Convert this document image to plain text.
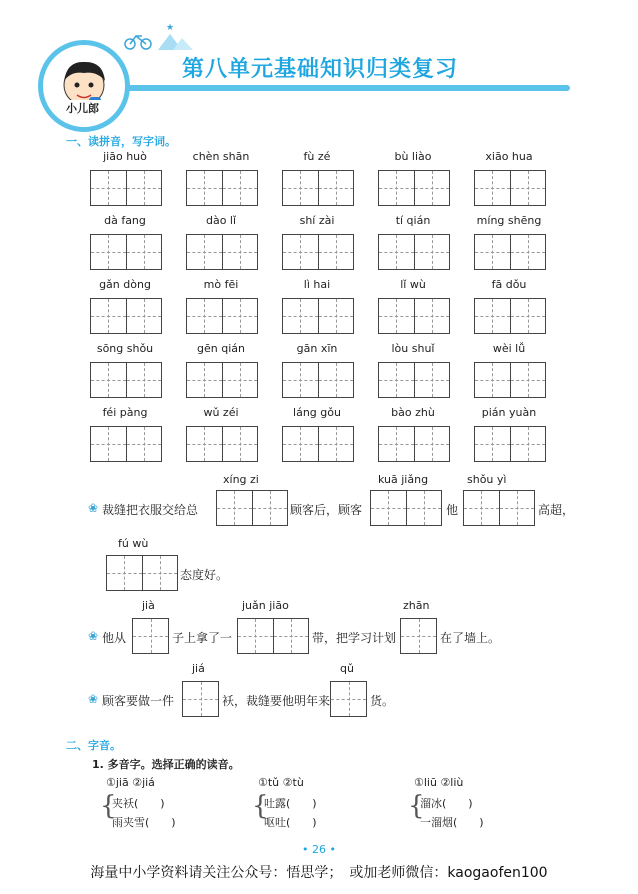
★
小儿郎
第八单元基础知识归类复习
一、读拼音，写字词。
jiāo huò	chèn shān	fù zé	bù liào	xiāo hua
dà fang	dào lǐ	shí zài	tí qián	míng shēng
gǎn dòng	mò fēi	lì hai	lǐ wù	fā dǒu
sōng shǒu	gēn qián	gān xīn	lòu shuǐ	wèi lǚ
féi pàng	wǔ zéi	láng gǒu	bào zhù	pián yuàn
xíng zi	kuā jiǎng	shǒu yì
❀ 裁缝把衣服交给总	顾客后，顾客	他	高超，
fú wù
态度好。
jià	juǎn jiāo	zhān
❀ 他从	子上拿了一	带，把学习计划	在了墙上。
jiá	qǔ
❀ 顾客要做一件	袄，裁缝要他明年来	货。
二、字音。
1. 多音字。选择正确的读音。
①jiā ②jiá
{
夹袄(　　)
雨夹雪(　　)
①tǔ ②tù
{
吐露(　　)
呕吐(　　)
①liū ②liù
{
溜冰(　　)
一溜烟(　　)
• 26 •
海量中小学资料请关注公众号：悟思学；　或加老师微信：kaogaofen100
